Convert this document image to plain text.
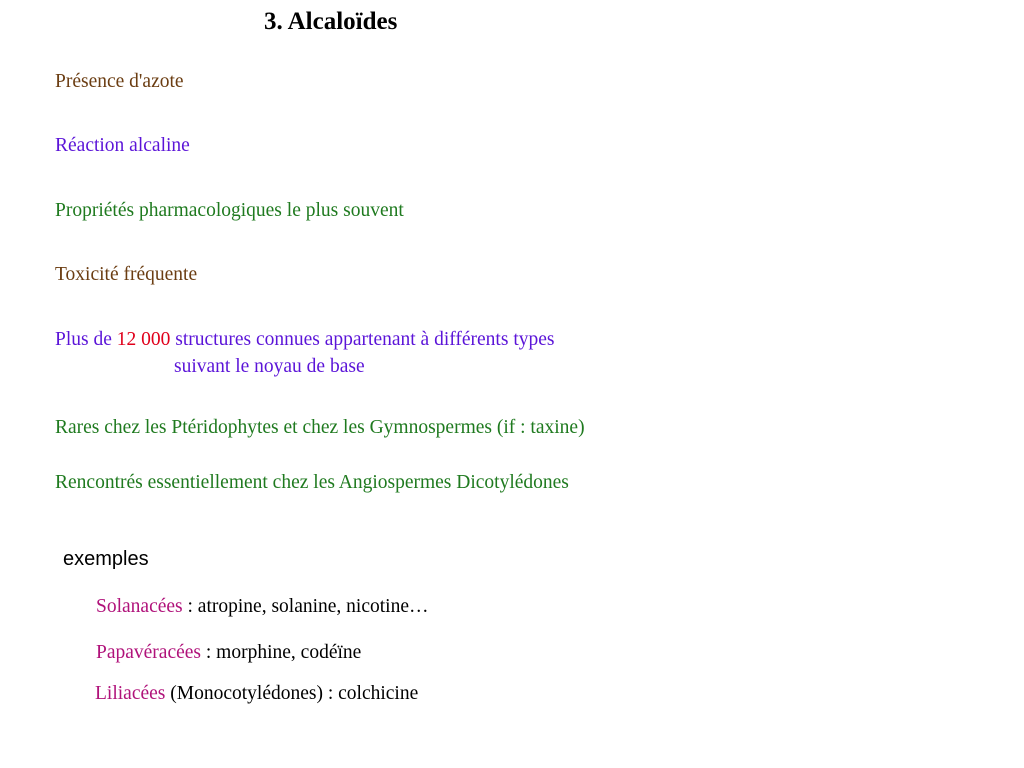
3. Alcaloïdes
Présence d'azote
Réaction alcaline
Propriétés pharmacologiques le plus souvent
Toxicité fréquente
Plus de 12 000 structures connues appartenant à différents types
suivant le noyau de base
Rares chez les Ptéridophytes et chez les Gymnospermes (if : taxine)
Rencontrés essentiellement chez les Angiospermes Dicotylédones
exemples
Solanacées : atropine, solanine, nicotine…
Papavéracées : morphine, codéïne
Liliacées (Monocotylédones) : colchicine
